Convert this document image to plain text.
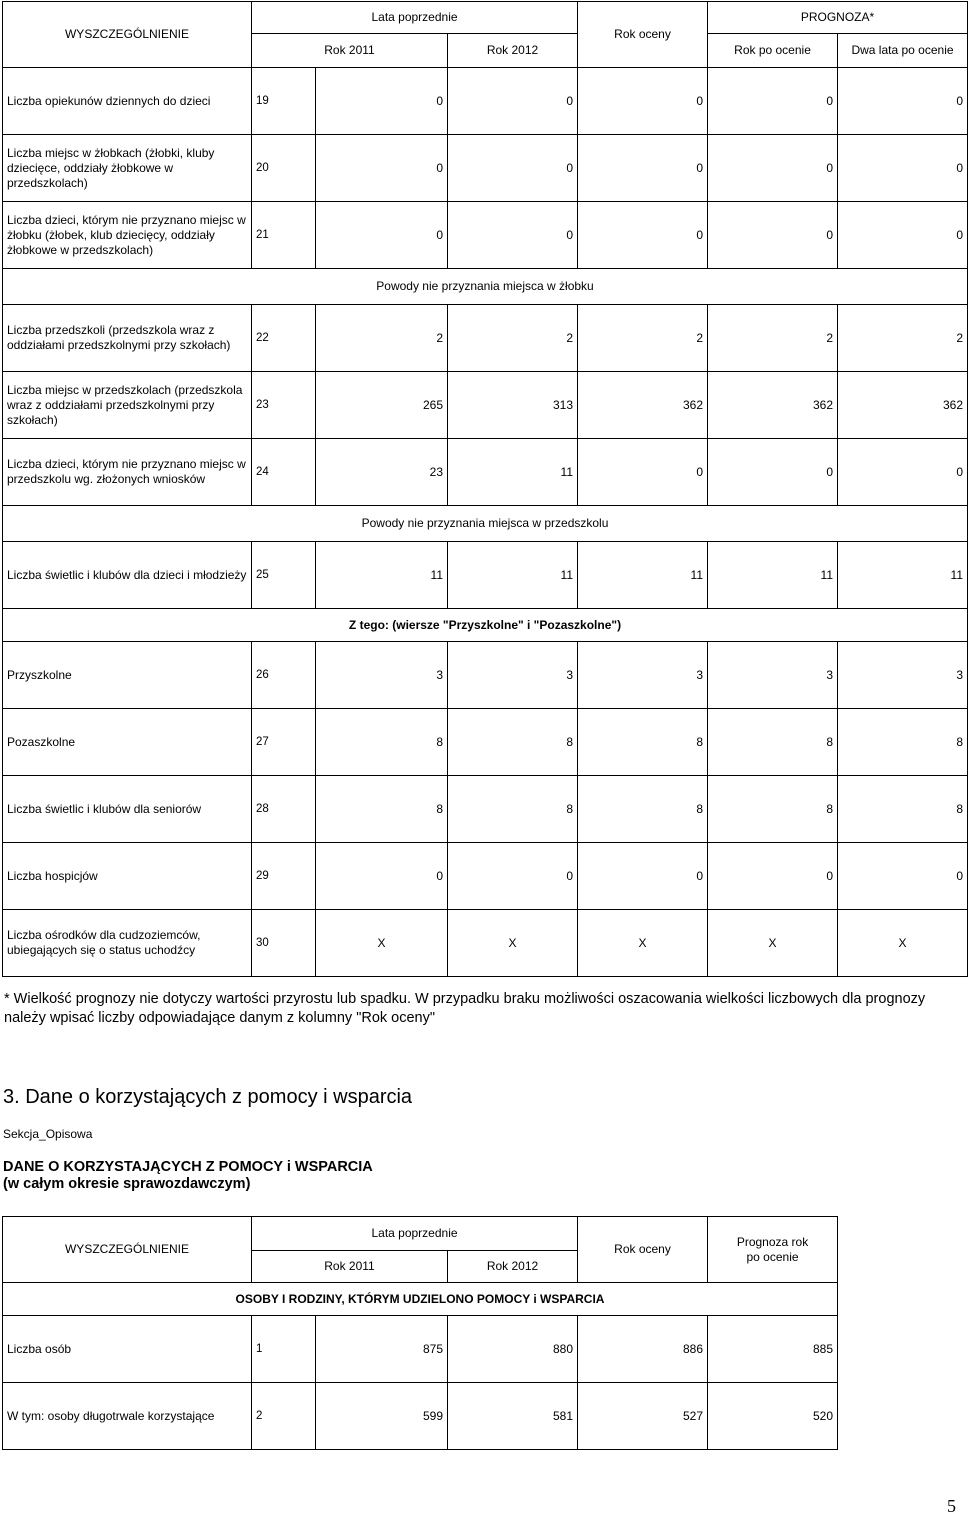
WYSZCZEGÓLNIENIE	Lata poprzednie			Rok oceny	PROGNOZA*	
	Rok 2011		Rok 2012		Rok po ocenie	Dwa lata po ocenie
Liczba opiekunów dziennych do dzieci	19	0	0	0	0	0
Liczba miejsc w żłobkach (żłobki, kluby dziecięce, oddziały żłobkowe w przedszkolach)	20	0	0	0	0	0
Liczba dzieci, którym nie przyznano miejsc w żłobku (żłobek, klub dziecięcy, oddziały żłobkowe w przedszkolach)	21	0	0	0	0	0
Powody nie przyznania miejsca w żłobku						
Liczba przedszkoli (przedszkola wraz z oddziałami przedszkolnymi przy szkołach)	22	2	2	2	2	2
Liczba miejsc w przedszkolach (przedszkola wraz z oddziałami przedszkolnymi przy szkołach)	23	265	313	362	362	362
Liczba dzieci, którym nie przyznano miejsc w przedszkolu wg. złożonych wniosków	24	23	11	0	0	0
Powody nie przyznania miejsca w przedszkolu						
Liczba świetlic i klubów dla dzieci i młodzieży	25	11	11	11	11	11
Z tego: (wiersze "Przyszkolne" i "Pozaszkolne")						
Przyszkolne	26	3	3	3	3	3
Pozaszkolne	27	8	8	8	8	8
Liczba świetlic i klubów dla seniorów	28	8	8	8	8	8
Liczba hospicjów	29	0	0	0	0	0
Liczba ośrodków dla cudzoziemców, ubiegających się o status uchodźcy	30	X	X	X	X	X
* Wielkość prognozy nie dotyczy wartości przyrostu lub spadku. W przypadku braku możliwości oszacowania wielkości liczbowych dla prognozy należy wpisać liczby odpowiadające danym z kolumny "Rok oceny"
3. Dane o korzystających z pomocy i wsparcia
Sekcja_Opisowa
DANE O KORZYSTAJĄCYCH Z POMOCY i WSPARCIA
(w całym okresie sprawozdawczym)
WYSZCZEGÓLNIENIE	Lata poprzednie			Rok oceny	Prognoza rok
po ocenie

	Rok 2011		Rok 2012		
OSOBY I RODZINY, KTÓRYM UDZIELONO POMOCY i WSPARCIA					
Liczba osób	1	875	880	886	885
W tym: osoby długotrwale korzystające	2	599	581	527	520
5
